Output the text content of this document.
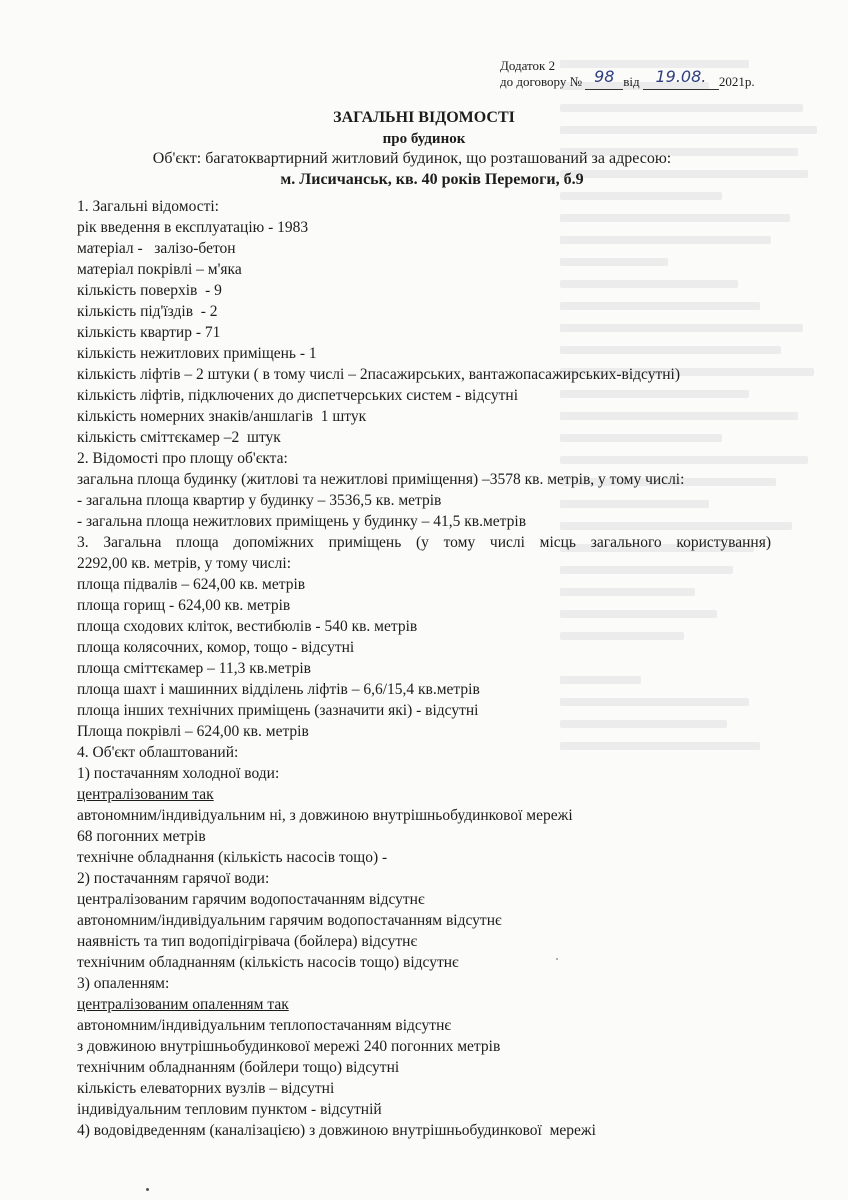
Додаток 2
до договору № 98 від 19.08. 2021р.
ЗАГАЛЬНІ ВІДОМОСТІ
про будинок
Об'єкт: багатоквартирний житловий будинок, що розташований за адресою:
м. Лисичанськ, кв. 40 років Перемоги, б.9
1. Загальні відомості:
рік введення в експлуатацію - 1983
матеріал -   залізо-бетон
матеріал покрівлі – м'яка
кількість поверхів  - 9
кількість під'їздів  - 2
кількість квартир - 71
кількість нежитлових приміщень - 1
кількість ліфтів – 2 штуки ( в тому числі – 2пасажирських, вантажопасажирських-відсутні)
кількість ліфтів, підключених до диспетчерських систем - відсутні
кількість номерних знаків/аншлагів  1 штук
кількість сміттєкамер –2  штук
2. Відомості про площу об'єкта:
загальна площа будинку (житлові та нежитлові приміщення) –3578 кв. метрів, у тому числі:
- загальна площа квартир у будинку – 3536,5 кв. метрів
- загальна площа нежитлових приміщень у будинку – 41,5 кв.метрів
3. Загальна площа допоміжних приміщень (у тому числі місць загального користування)
2292,00 кв. метрів, у тому числі:
площа підвалів – 624,00 кв. метрів
площа горищ - 624,00 кв. метрів
площа сходових кліток, вестибюлів - 540 кв. метрів
площа колясочних, комор, тощо - відсутні
площа сміттєкамер – 11,3 кв.метрів
площа шахт і машинних відділень ліфтів – 6,6/15,4 кв.метрів
площа інших технічних приміщень (зазначити які) - відсутні
Площа покрівлі – 624,00 кв. метрів
4. Об'єкт облаштований:
1) постачанням холодної води:
централізованим так
автономним/індивідуальним ні, з довжиною внутрішньобудинкової мережі
68 погонних метрів
технічне обладнання (кількість насосів тощо) -
2) постачанням гарячої води:
централізованим гарячим водопостачанням відсутнє
автономним/індивідуальним гарячим водопостачанням відсутнє
наявність та тип водопідігрівача (бойлера) відсутнє
технічним обладнанням (кількість насосів тощо) відсутнє
3) опаленням:
централізованим опаленням так
автономним/індивідуальним теплопостачанням відсутнє
з довжиною внутрішньобудинкової мережі 240 погонних метрів
технічним обладнанням (бойлери тощо) відсутні
кількість елеваторних вузлів – відсутні
індивідуальним тепловим пунктом - відсутній
4) водовідведенням (каналізацією) з довжиною внутрішньобудинкової  мережі
